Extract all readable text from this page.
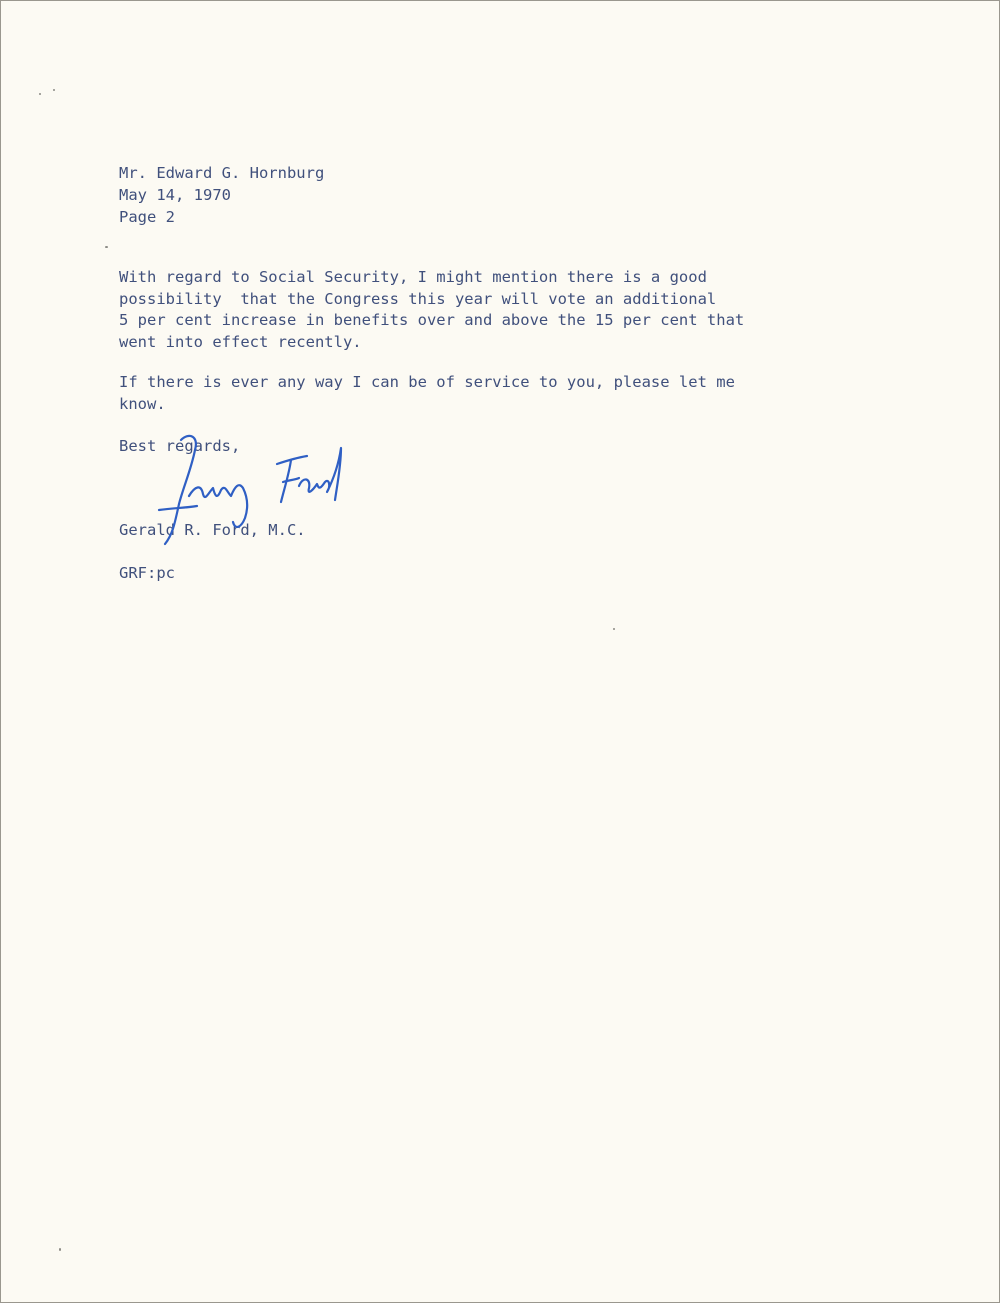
Mr. Edward G. Hornburg

May 14, 1970

Page 2

With regard to Social Security, I might mention there is a good
possibility  that the Congress this year will vote an additional
5 per cent increase in benefits over and above the 15 per cent that
went into effect recently.

If there is ever any way I can be of service to you, please let me
know.

Best regards,

Gerald R. Ford, M.C.

GRF:pc
